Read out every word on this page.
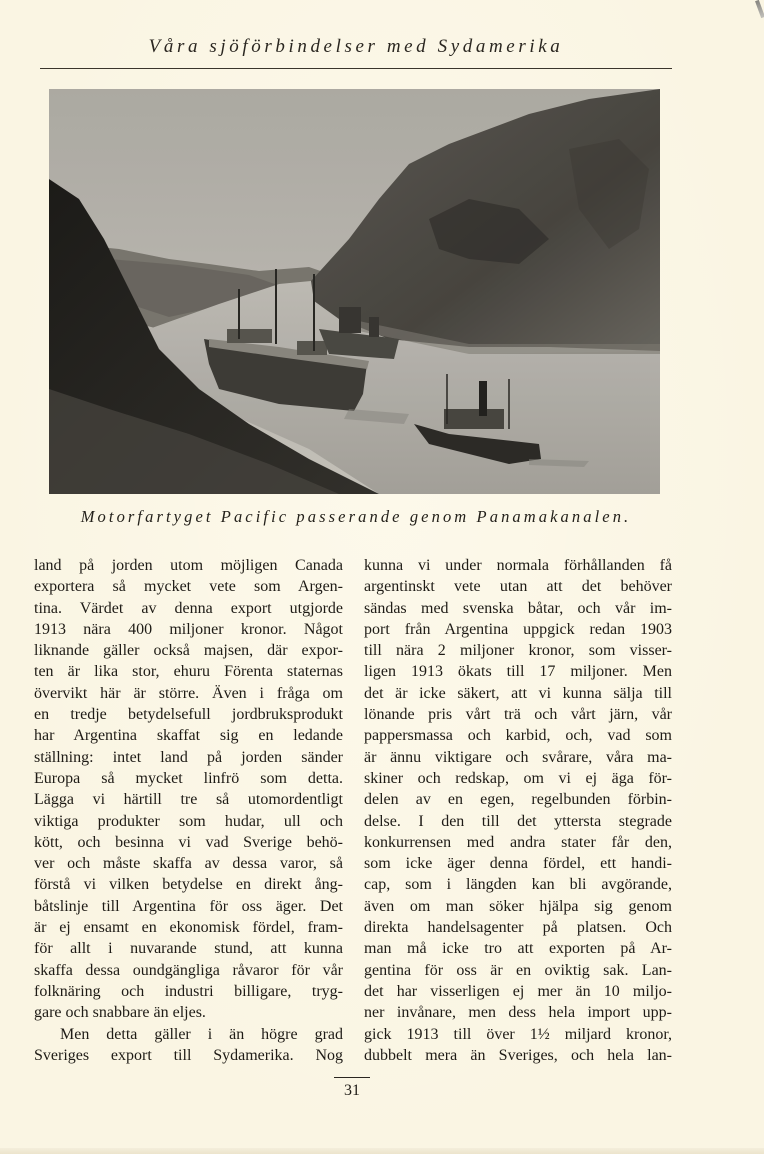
Våra sjöförbindelser med Sydamerika
Motorfartyget Pacific passerande genom Panamakanalen.
land på jorden utom möjligen Canada
exportera så mycket vete som Argen-
tina. Värdet av denna export utgjorde
1913 nära 400 miljoner kronor. Något
liknande gäller också majsen, där expor-
ten är lika stor, ehuru Förenta staternas
övervikt här är större. Även i fråga om
en tredje betydelsefull jordbruksprodukt
har Argentina skaffat sig en ledande
ställning: intet land på jorden sänder
Europa så mycket linfrö som detta.
Lägga vi härtill tre så utomordentligt
viktiga produkter som hudar, ull och
kött, och besinna vi vad Sverige behö-
ver och måste skaffa av dessa varor, så
förstå vi vilken betydelse en direkt ång-
båtslinje till Argentina för oss äger. Det
är ej ensamt en ekonomisk fördel, fram-
för allt i nuvarande stund, att kunna
skaffa dessa oundgängliga råvaror för vår
folknäring och industri billigare, tryg-
gare och snabbare än eljes.
Men detta gäller i än högre grad
Sveriges export till Sydamerika. Nog
kunna vi under normala förhållanden få
argentinskt vete utan att det behöver
sändas med svenska båtar, och vår im-
port från Argentina uppgick redan 1903
till nära 2 miljoner kronor, som visser-
ligen 1913 ökats till 17 miljoner. Men
det är icke säkert, att vi kunna sälja till
lönande pris vårt trä och vårt järn, vår
pappersmassa och karbid, och, vad som
är ännu viktigare och svårare, våra ma-
skiner och redskap, om vi ej äga för-
delen av en egen, regelbunden förbin-
delse. I den till det yttersta stegrade
konkurrensen med andra stater får den,
som icke äger denna fördel, ett handi-
cap, som i längden kan bli avgörande,
även om man söker hjälpa sig genom
direkta handelsagenter på platsen. Och
man må icke tro att exporten på Ar-
gentina för oss är en oviktig sak. Lan-
det har visserligen ej mer än 10 miljo-
ner invånare, men dess hela import upp-
gick 1913 till över 1½ miljard kronor,
dubbelt mera än Sveriges, och hela lan-
31
